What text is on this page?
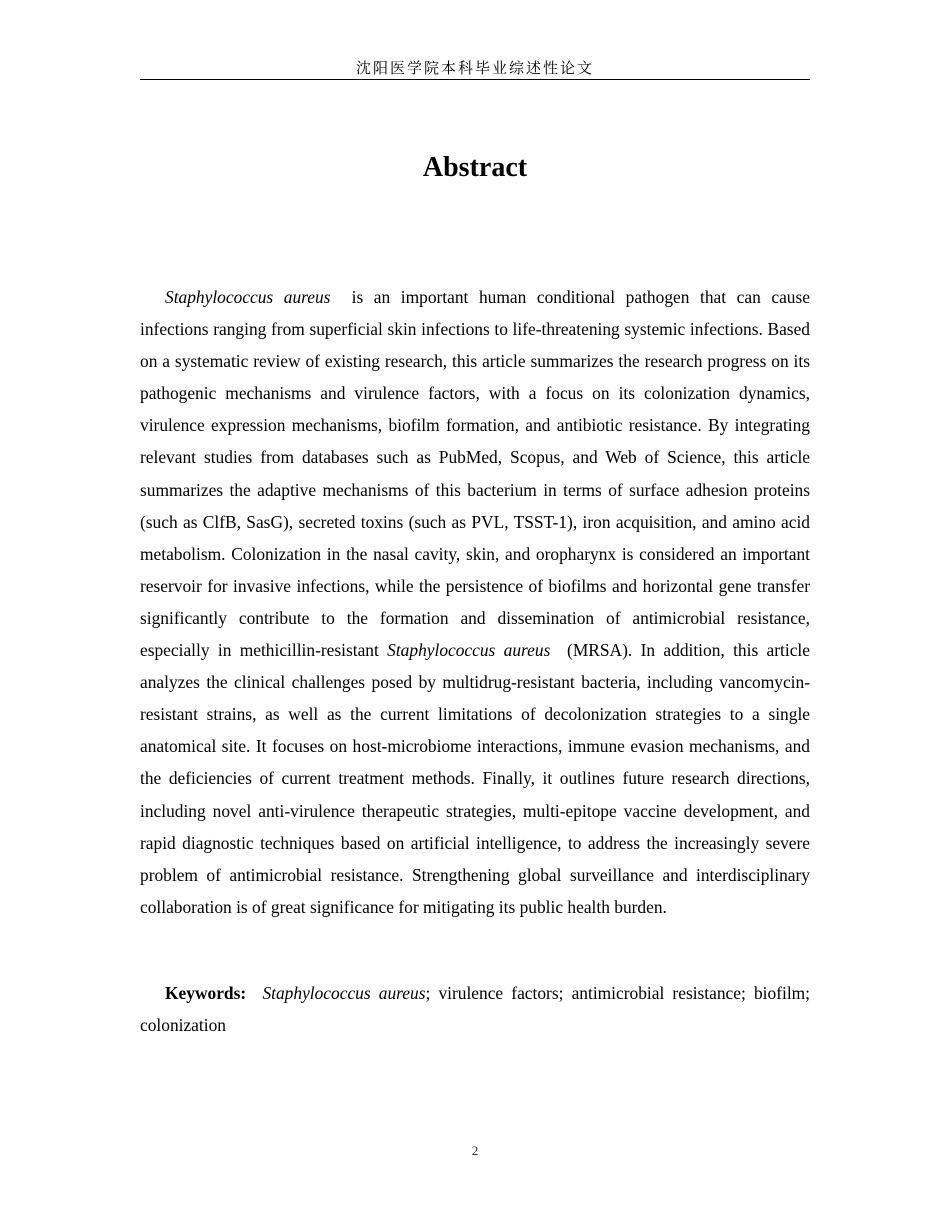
沈阳医学院本科毕业综述性论文
Abstract

Staphylococcus aureus  is an important human conditional pathogen that can cause infections ranging from superficial skin infections to life-threatening systemic infections. Based on a systematic review of existing research, this article summarizes the research progress on its pathogenic mechanisms and virulence factors, with a focus on its colonization dynamics, virulence expression mechanisms, biofilm formation, and antibiotic resistance. By integrating relevant studies from databases such as PubMed, Scopus, and Web of Science, this article summarizes the adaptive mechanisms of this bacterium in terms of surface adhesion proteins (such as ClfB, SasG), secreted toxins (such as PVL, TSST-1), iron acquisition, and amino acid metabolism. Colonization in the nasal cavity, skin, and oropharynx is considered an important reservoir for invasive infections, while the persistence of biofilms and horizontal gene transfer significantly contribute to the formation and dissemination of antimicrobial resistance, especially in methicillin-resistant Staphylococcus aureus  (MRSA). In addition, this article analyzes the clinical challenges posed by multidrug-resistant bacteria, including vancomycin-resistant strains, as well as the current limitations of decolonization strategies to a single anatomical site. It focuses on host-microbiome interactions, immune evasion mechanisms, and the deficiencies of current treatment methods. Finally, it outlines future research directions, including novel anti-virulence therapeutic strategies, multi-epitope vaccine development, and rapid diagnostic techniques based on artificial intelligence, to address the increasingly severe problem of antimicrobial resistance. Strengthening global surveillance and interdisciplinary collaboration is of great significance for mitigating its public health burden.

Keywords: Staphylococcus aureus; virulence factors; antimicrobial resistance; biofilm; colonization

2
